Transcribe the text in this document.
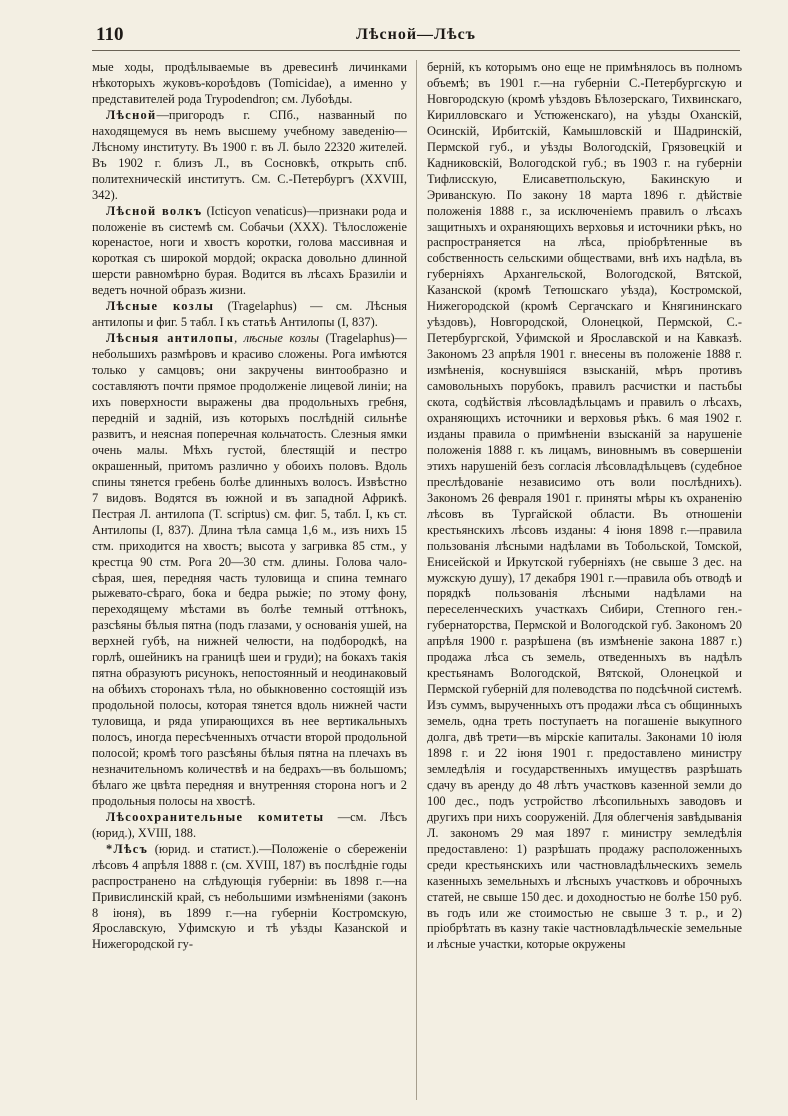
110	Лѣсной—Лѣсъ

мые ходы, продѣлываемые въ древесинѣ личинками нѣкоторыхъ жуковъ-короѣдовъ (Tomicidae), а именно у представителей рода Trypodendron; см. Лубоѣды.

Лѣсной—пригородъ г. СПб., названный по находящемуся въ немъ высшему учебному заведенію—Лѣсному институту. Въ 1900 г. въ Л. было 22320 жителей. Въ 1902 г. близъ Л., въ Сосновкѣ, открыть спб. политехническій институтъ. См. С.-Петербургъ (XXVIII, 342).

Лѣсной волкъ (Icticyon venaticus)—признаки рода и положеніе въ системѣ см. Собачьи (XXX). Тѣлосложеніе коренастое, ноги и хвостъ коротки, голова массивная и короткая съ широкой мордой; окраска довольно длинной шерсти равномѣрно бурая. Водится въ лѣсахъ Бразиліи и ведетъ ночной образъ жизни.

Лѣсные козлы (Tragelaphus) — см. Лѣсныя антилопы и фиг. 5 табл. I къ статьѣ Антилопы (I, 837).

Лѣсныя антилопы, лѣсные козлы (Tragelaphus)—небольшихъ размѣровъ и красиво сложены. Рога имѣются только у самцовъ; они закручены винтообразно и составляютъ почти прямое продолженіе лицевой линіи; на ихъ поверхности выражены два продольныхъ гребня, передній и задній, изъ которыхъ послѣдній сильнѣе развитъ, и неясная поперечная кольчатость. Слезныя ямки очень малы. Мѣхъ густой, блестящій и пестро окрашенный, притомъ различно у обоихъ половъ. Вдоль спины тянется гребень болѣе длинныхъ волосъ. Извѣстно 7 видовъ. Водятся въ южной и въ западной Африкѣ. Пестрая Л. антилопа (T. scriptus) см. фиг. 5, табл. I, къ ст. Антилопы (I, 837). Длина тѣла самца 1,6 м., изъ нихъ 15 стм. приходится на хвостъ; высота у загривка 85 стм., у крестца 90 стм. Рога 20—30 стм. длины. Голова чало-сѣрая, шея, передняя часть туловища и спина темнаго рыжевато-сѣраго, бока и бедра рыжіе; по этому фону, переходящему мѣстами въ болѣе темный оттѣнокъ, разсѣяны бѣлыя пятна (подъ глазами, у основанія ушей, на верхней губѣ, на нижней челюсти, на подбородкѣ, на горлѣ, ошейникъ на границѣ шеи и груди); на бокахъ такія пятна образуютъ рисунокъ, непостоянный и неодинаковый на обѣихъ сторонахъ тѣла, но обыкновенно состоящій изъ продольной полосы, которая тянется вдоль нижней части туловища, и ряда упирающихся въ нее вертикальныхъ полосъ, иногда пересѣченныхъ отчасти второй продольной полосой; кромѣ того разсѣяны бѣлыя пятна на плечахъ въ незначительномъ количествѣ и на бедрахъ—въ большомъ; бѣлаго же цвѣта передняя и внутренняя сторона ногъ и 2 продольныя полосы на хвостѣ.

Лѣсоохранительные комитеты —см. Лѣсъ (юрид.), XVIII, 188.

*Лѣсъ (юрид. и статист.).—Положеніе о сбереженіи лѣсовъ 4 апрѣля 1888 г. (см. XVIII, 187) въ послѣдніе годы распространено на слѣдующія губерніи: въ 1898 г.—на Привислинскій край, съ небольшими измѣненіями (законъ 8 іюня), въ 1899 г.—на губерніи Костромскую, Ярославскую, Уфимскую и тѣ уѣзды Казанской и Нижегородской гу-

берній, къ которымъ оно еще не примѣнялось въ полномъ объемѣ; въ 1901 г.—на губерніи С.-Петербургскую и Новгородскую (кромѣ уѣздовъ Бѣлозерскаго, Тихвинскаго, Кирилловскаго и Устюженскаго), на уѣзды Оханскій, Осинскій, Ирбитскій, Камышловскій и Шадринскій, Пермской губ., и уѣзды Вологодскій, Грязовецкій и Кадниковскій, Вологодской губ.; въ 1903 г. на губерніи Тифлисскую, Елисаветпольскую, Бакинскую и Эриванскую. По закону 18 марта 1896 г. дѣйствіе положенія 1888 г., за исключеніемъ правилъ о лѣсахъ защитныхъ и охраняющихъ верховья и источники рѣкъ, но распространяется на лѣса, пріобрѣтенные въ собственность сельскими обществами, внѣ ихъ надѣла, въ губерніяхъ Архангельской, Вологодской, Вятской, Казанской (кромѣ Тетюшскаго уѣзда), Костромской, Нижегородской (кромѣ Сергачскаго и Княгининскаго уѣздовъ), Новгородской, Олонецкой, Пермской, С.-Петербургской, Уфимской и Ярославской и на Кавказѣ. Закономъ 23 апрѣля 1901 г. внесены въ положеніе 1888 г. измѣненія, коснувшіяся взысканій, мѣръ противъ самовольныхъ порубокъ, правилъ расчистки и пастьбы скота, содѣйствія лѣсовладѣльцамъ и правилъ о лѣсахъ, охраняющихъ источники и верховья рѣкъ. 6 мая 1902 г. изданы правила о примѣненіи взысканій за нарушеніе положенія 1888 г. къ лицамъ, виновнымъ въ совершеніи этихъ нарушеній безъ согласія лѣсовладѣльцевъ (судебное преслѣдованіе независимо отъ воли послѣднихъ). Закономъ 26 февраля 1901 г. приняты мѣры къ охраненію лѣсовъ въ Тургайской области. Въ отношеніи крестьянскихъ лѣсовъ изданы: 4 іюня 1898 г.—правила пользованія лѣсными надѣлами въ Тобольской, Томской, Енисейской и Иркутской губерніяхъ (не свыше 3 дес. на мужскую душу), 17 декабря 1901 г.—правила объ отводѣ и порядкѣ пользованія лѣсными надѣлами на переселенческихъ участкахъ Сибири, Степного ген.-губернаторства, Пермской и Вологодской губ. Закономъ 20 апрѣля 1900 г. разрѣшена (въ измѣненіе закона 1887 г.) продажа лѣса съ земель, отведенныхъ въ надѣлъ крестьянамъ Вологодской, Вятской, Олонецкой и Пермской губерній для полеводства по подсѣчной системѣ. Изъ суммъ, вырученныхъ отъ продажи лѣса съ общинныхъ земель, одна треть поступаетъ на погашеніе выкупного долга, двѣ трети—въ мірскіе капиталы. Законами 10 іюля 1898 г. и 22 іюня 1901 г. предоставлено министру земледѣлія и государственныхъ имуществъ разрѣшать сдачу въ аренду до 48 лѣтъ участковъ казенной земли до 100 дес., подъ устройство лѣсопильныхъ заводовъ и другихъ при нихъ сооруженій. Для облегченія завѣдыванія Л. закономъ 29 мая 1897 г. министру земледѣлія предоставлено: 1) разрѣшать продажу расположенныхъ среди крестьянскихъ или частновладѣльческихъ земель казенныхъ земельныхъ и лѣсныхъ участковъ и оброчныхъ статей, не свыше 150 дес. и доходностью не болѣе 150 руб. въ годъ или же стоимостью не свыше 3 т. р., и 2) пріобрѣтать въ казну такіе частновладѣльческіе земельные и лѣсные участки, которые окружены
